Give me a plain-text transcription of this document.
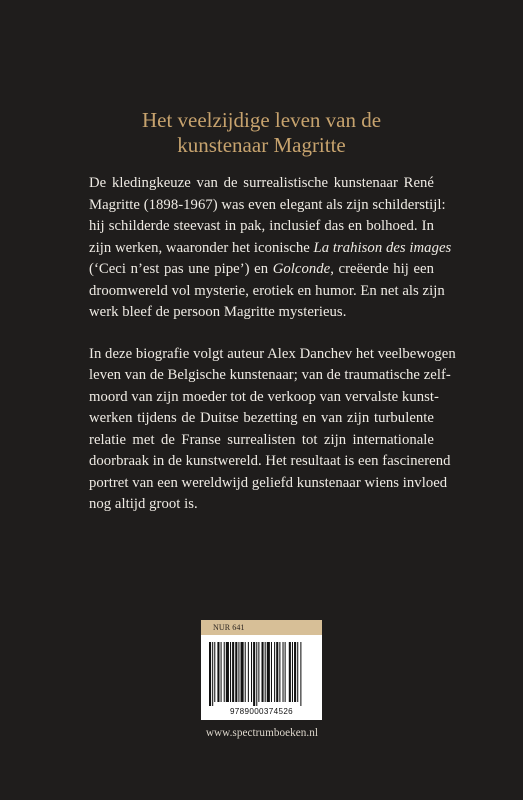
Het veelzijdige leven van de
kunstenaar Magritte

De kledingkeuze van de surrealistische kunstenaar René
Magritte (1898-1967) was even elegant als zijn schilderstijl:
hij schilderde steevast in pak, inclusief das en bolhoed. In
zijn werken, waaronder het iconische La trahison des images
(‘Ceci n’est pas une pipe’) en Golconde, creëerde hij een
droomwereld vol mysterie, erotiek en humor. En net als zijn
werk bleef de persoon Magritte mysterieus.

In deze biografie volgt auteur Alex Danchev het veelbewogen
leven van de Belgische kunstenaar; van de traumatische zelf-
moord van zijn moeder tot de verkoop van vervalste kunst-
werken tijdens de Duitse bezetting en van zijn turbulente
relatie met de Franse surrealisten tot zijn internationale
doorbraak in de kunstwereld. Het resultaat is een fascinerend
portret van een wereldwijd geliefd kunstenaar wiens invloed
nog altijd groot is.

NUR 641
9789000374526
www.spectrumboeken.nl
